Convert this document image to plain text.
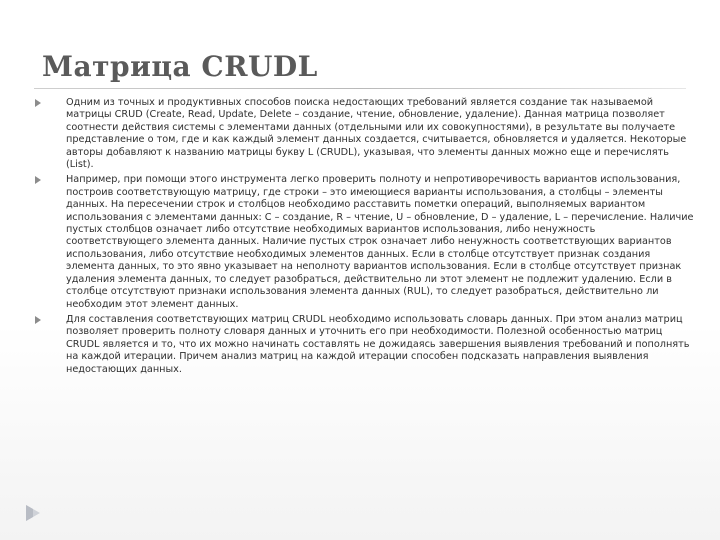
Матрица CRUDL
Одним из точных и продуктивных способов поиска недостающих требований является создание так называемой матрицы CRUD (Create, Read, Update, Delete – создание, чтение, обновление, удаление). Данная матрица позволяет соотнести действия системы с элементами данных (отдельными или их совокупностями), в результате вы получаете представление о том, где и как каждый элемент данных создается, считывается, обновляется и удаляется. Некоторые авторы добавляют к названию матрицы букву L (CRUDL), указывая, что элементы данных можно еще и перечислять (List).
Например, при помощи этого инструмента легко проверить полноту и непротиворечивость вариантов использования, построив соответствующую матрицу, где строки – это имеющиеся варианты использования, а столбцы – элементы данных. На пересечении строк и столбцов необходимо расставить пометки операций, выполняемых вариантом использования с элементами данных: C – создание, R – чтение, U – обновление, D – удаление, L – перечисление. Наличие пустых столбцов означает либо отсутствие необходимых вариантов использования, либо ненужность соответствующего элемента данных. Наличие пустых строк означает либо ненужность соответствующих вариантов использования, либо отсутствие необходимых элементов данных. Если в столбце отсутствует признак создания элемента данных, то это явно указывает на неполноту вариантов использования. Если в столбце отсутствует признак удаления элемента данных, то следует разобраться, действительно ли этот элемент не подлежит удалению. Если в столбце отсутствуют признаки использования элемента данных (RUL), то следует разобраться, действительно ли необходим этот элемент данных.
Для составления соответствующих матриц CRUDL необходимо использовать словарь данных. При этом анализ матриц позволяет проверить полноту словаря данных и уточнить его при необходимости. Полезной особенностью матриц CRUDL является и то, что их можно начинать составлять не дожидаясь завершения выявления требований и пополнять на каждой итерации. Причем анализ матриц на каждой итерации способен подсказать направления выявления недостающих данных.
